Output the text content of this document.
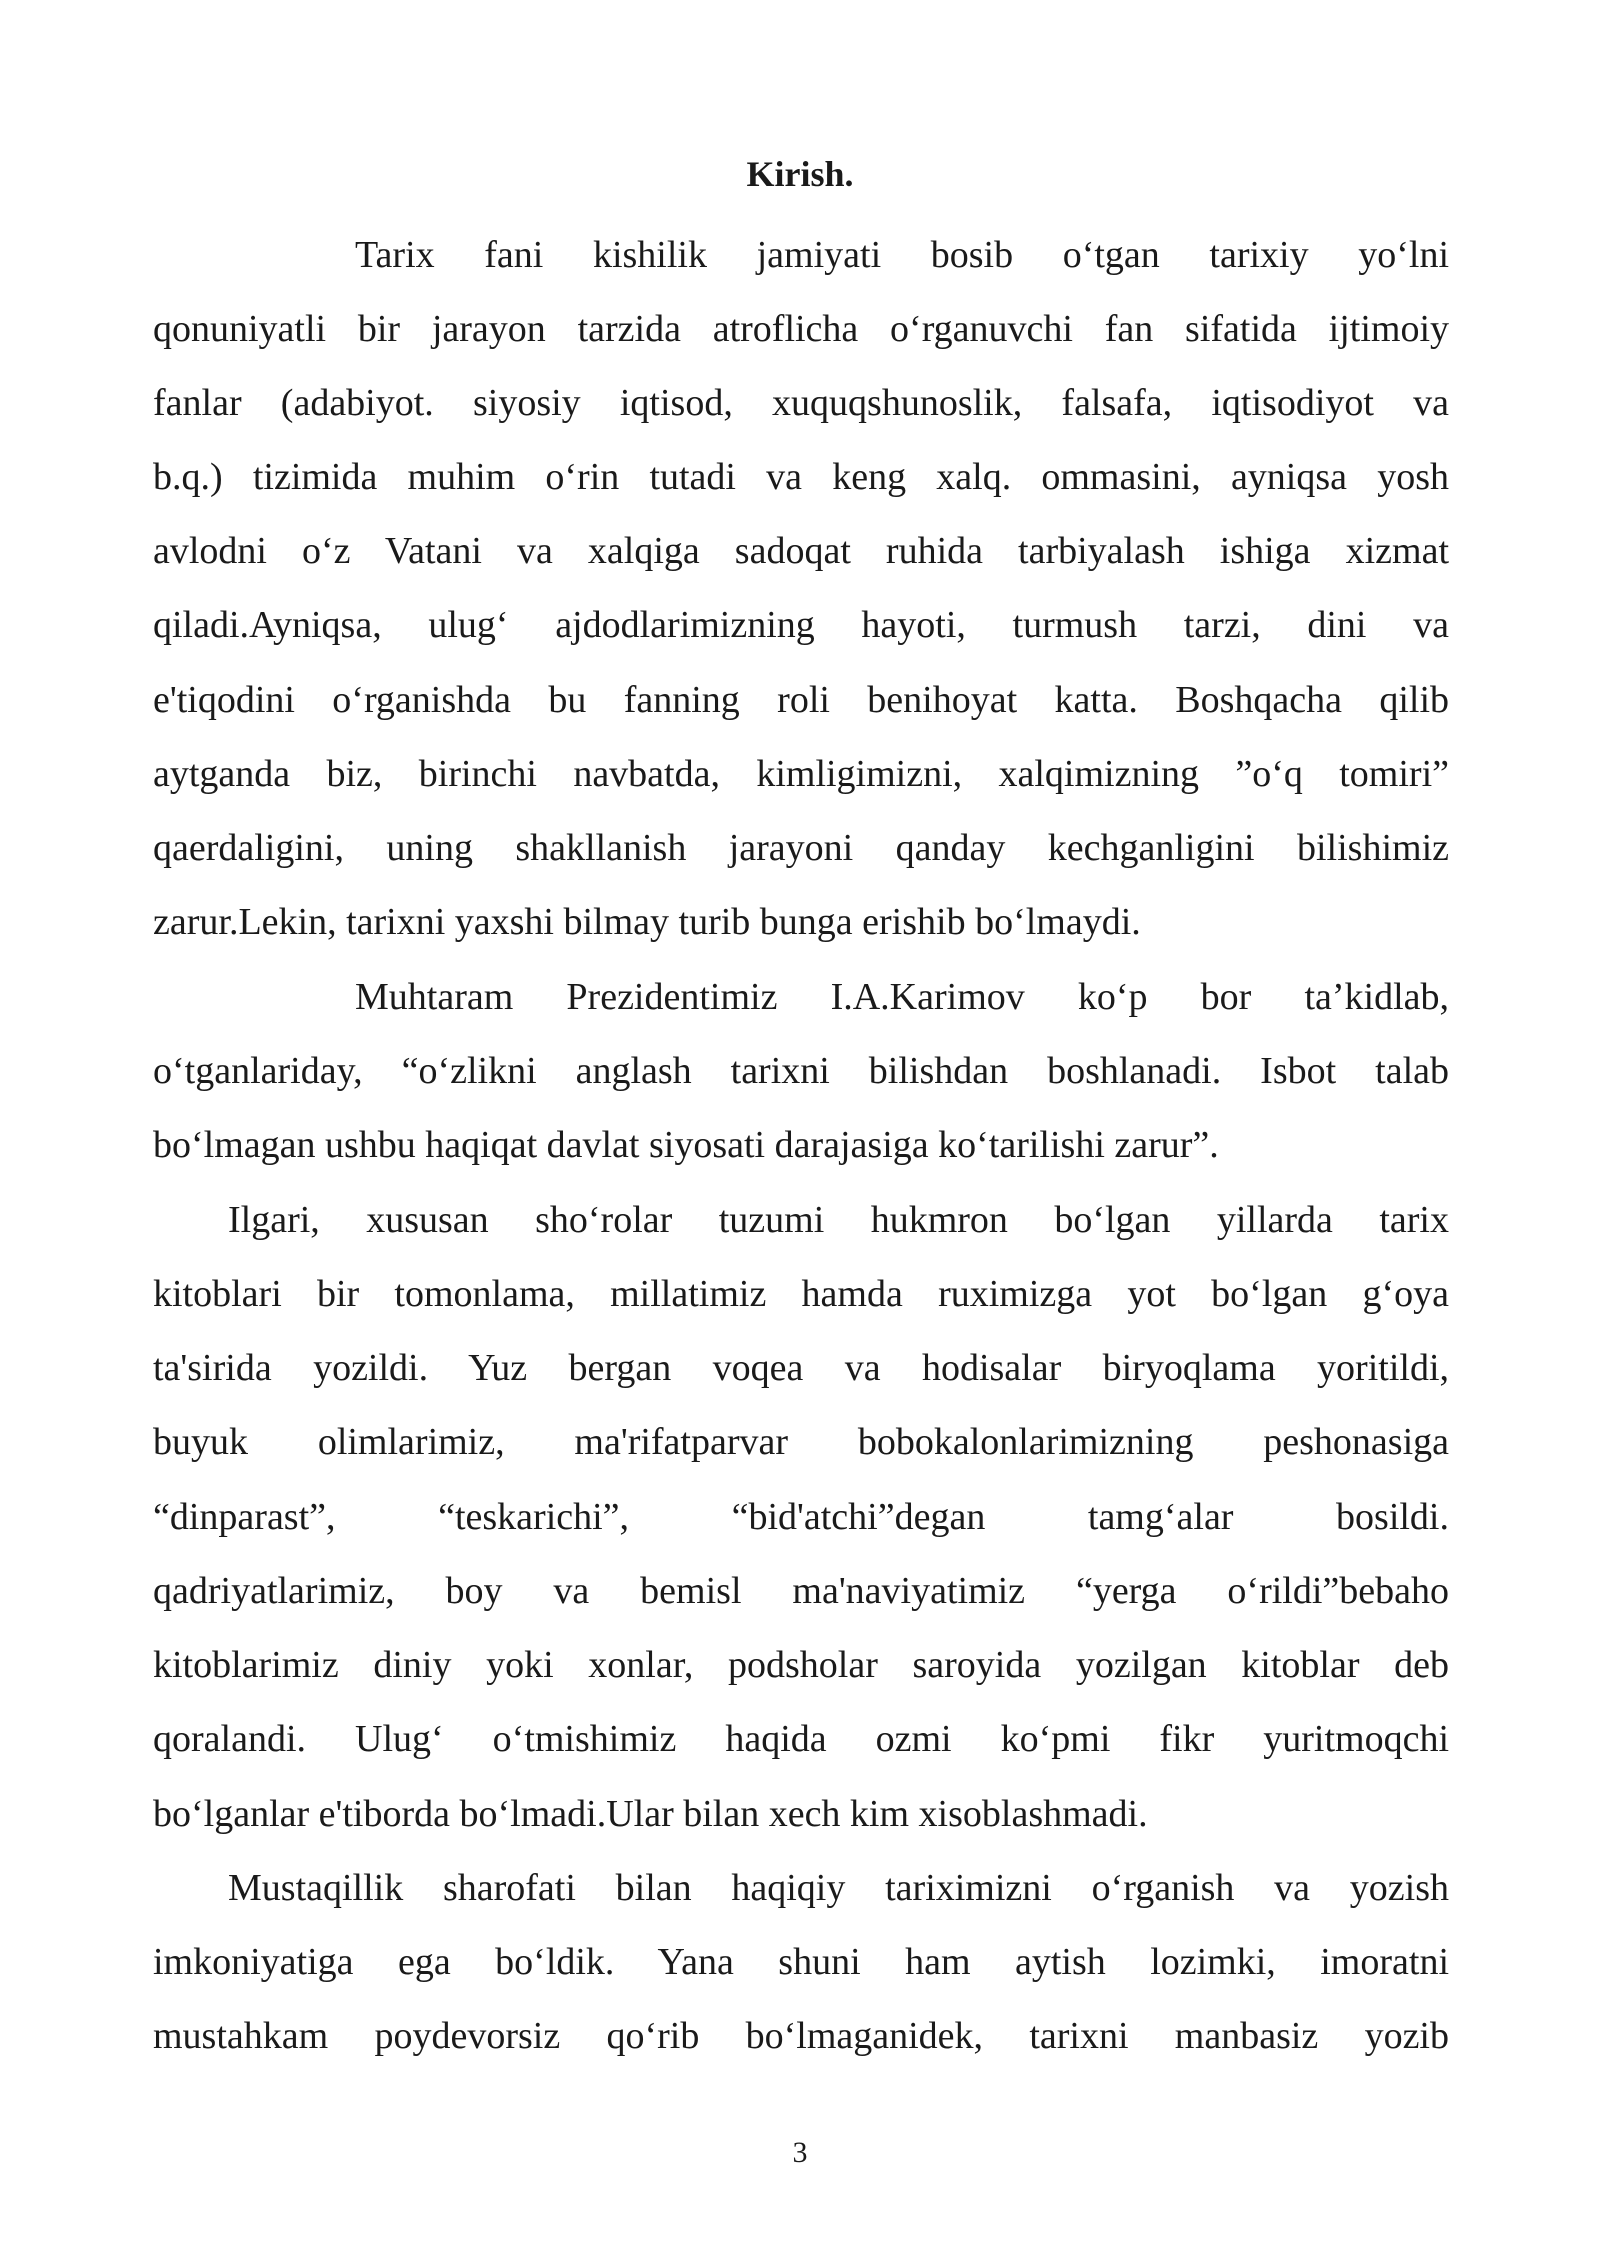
Kirish.
Tarix fani kishilik jamiyati bosib o‘tgan tarixiy yo‘lni
qonuniyatli bir jarayon tarzida atroflicha o‘rganuvchi fan sifatida ijtimoiy
fanlar (adabiyot. siyosiy iqtisod, xuquqshunoslik, falsafa, iqtisodiyot va
b.q.) tizimida muhim o‘rin tutadi va keng xalq. ommasini, ayniqsa yosh
avlodni o‘z Vatani va xalqiga sadoqat ruhida tarbiyalash ishiga xizmat
qiladi.Ayniqsa, ulug‘ ajdodlarimizning hayoti, turmush tarzi, dini va
e'tiqodini o‘rganishda bu fanning roli benihoyat katta. Boshqacha qilib
aytganda biz, birinchi navbatda, kimligimizni, xalqimizning ”o‘q tomiri”
qaerdaligini, uning shakllanish jarayoni qanday kechganligini bilishimiz
zarur.Lekin, tarixni yaxshi bilmay turib bunga erishib bo‘lmaydi.
Muhtaram Prezidentimiz I.A.Karimov ko‘p bor ta’kidlab,
o‘tganlariday, “o‘zlikni anglash tarixni bilishdan boshlanadi. Isbot talab
bo‘lmagan ushbu haqiqat davlat siyosati darajasiga ko‘tarilishi zarur”.
Ilgari, xususan sho‘rolar tuzumi hukmron bo‘lgan yillarda tarix
kitoblari bir tomonlama, millatimiz hamda ruximizga yot bo‘lgan g‘oya
ta'sirida yozildi. Yuz bergan voqea va hodisalar biryoqlama yoritildi,
buyuk olimlarimiz, ma'rifatparvar bobokalonlarimizning peshonasiga
“dinparast”, “teskarichi”, “bid'atchi”degan tamg‘alar bosildi.
qadriyatlarimiz, boy va bemisl ma'naviyatimiz “yerga o‘rildi”bebaho
kitoblarimiz diniy yoki xonlar, podsholar saroyida yozilgan kitoblar deb
qoralandi. Ulug‘ o‘tmishimiz haqida ozmi ko‘pmi fikr yuritmoqchi
bo‘lganlar e'tiborda bo‘lmadi.Ular bilan xech kim xisoblashmadi.
Mustaqillik sharofati bilan haqiqiy tariximizni o‘rganish va yozish
imkoniyatiga ega bo‘ldik. Yana shuni ham aytish lozimki, imoratni
mustahkam poydevorsiz qo‘rib bo‘lmaganidek, tarixni manbasiz yozib
3
